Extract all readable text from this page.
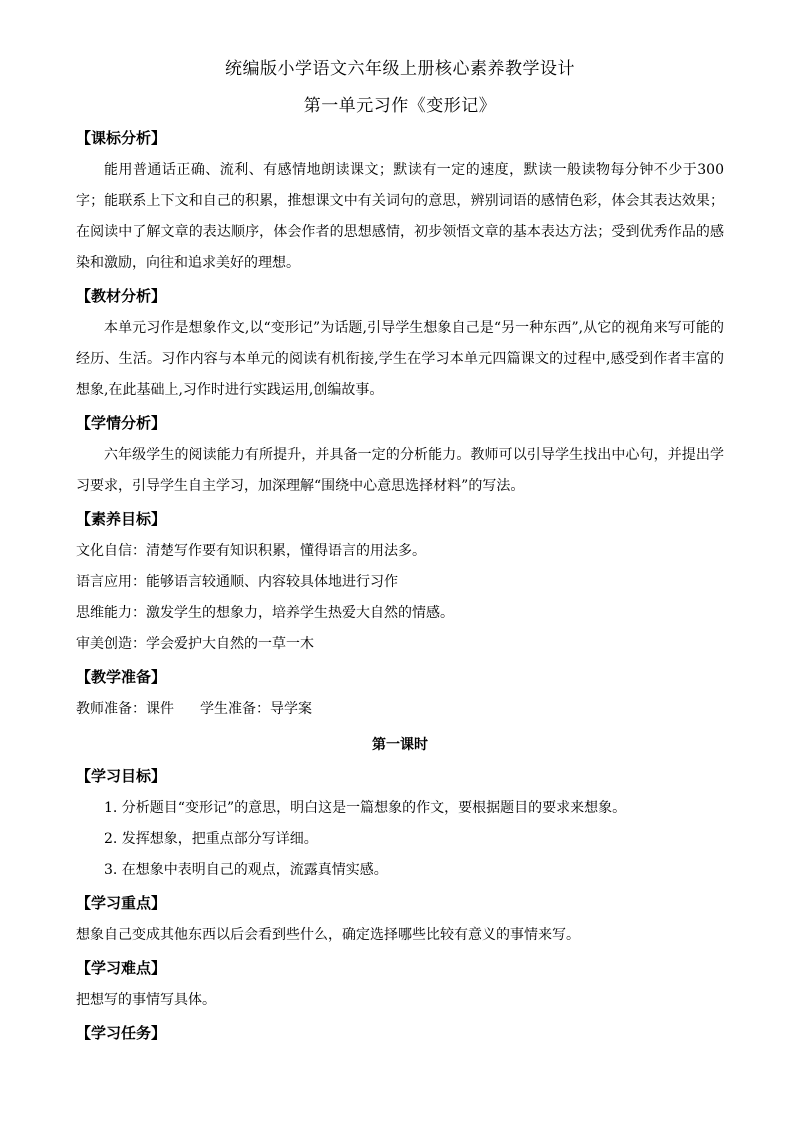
统编版小学语文六年级上册核心素养教学设计
第一单元习作《变形记》

【课标分析】

能用普通话正确、流利、有感情地朗读课文；默读有一定的速度，默读一般读物每分钟不少于300字；能联系上下文和自己的积累，推想课文中有关词句的意思，辨别词语的感情色彩，体会其表达效果；在阅读中了解文章的表达顺序，体会作者的思想感情，初步领悟文章的基本表达方法；受到优秀作品的感染和激励，向往和追求美好的理想。

【教材分析】

本单元习作是想象作文,以“变形记”为话题,引导学生想象自己是“另一种东西”,从它的视角来写可能的经历、生活。习作内容与本单元的阅读有机衔接,学生在学习本单元四篇课文的过程中,感受到作者丰富的想象,在此基础上,习作时进行实践运用,创编故事。

【学情分析】

六年级学生的阅读能力有所提升，并具备一定的分析能力。教师可以引导学生找出中心句，并提出学习要求，引导学生自主学习，加深理解“围绕中心意思选择材料”的写法。

【素养目标】

文化自信：清楚写作要有知识积累，懂得语言的用法多。

语言应用：能够语言较通顺、内容较具体地进行习作

思维能力：激发学生的想象力，培养学生热爱大自然的情感。

审美创造：学会爱护大自然的一草一木

【教学准备】

教师准备：课件 学生准备：导学案

第一课时

【学习目标】

1. 分析题目“变形记”的意思，明白这是一篇想象的作文，要根据题目的要求来想象。

2. 发挥想象，把重点部分写详细。

3. 在想象中表明自己的观点，流露真情实感。

【学习重点】

想象自己变成其他东西以后会看到些什么，确定选择哪些比较有意义的事情来写。

【学习难点】

把想写的事情写具体。

【学习任务】
